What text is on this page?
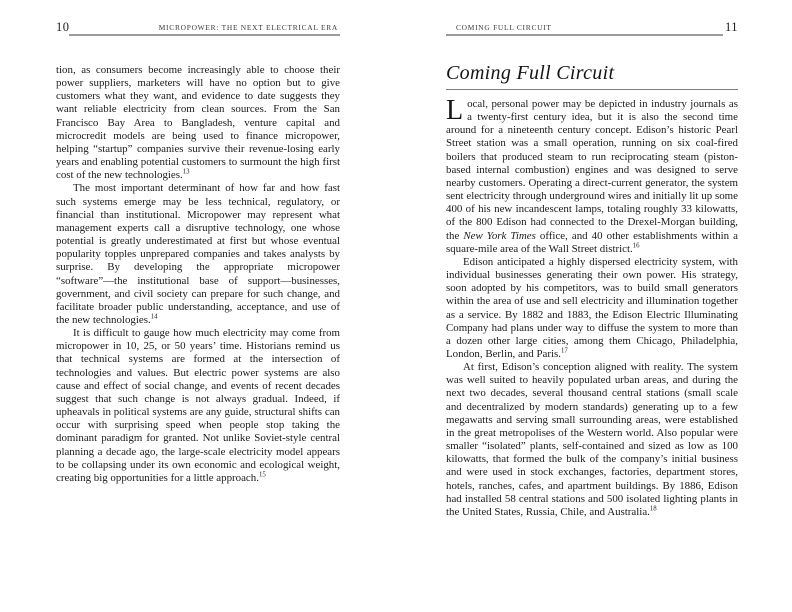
10	MICROPOWER: THE NEXT ELECTRICAL ERA

tion, as consumers become increasingly able to choose their power suppliers, marketers will have no option but to give customers what they want, and evidence to date suggests they want reliable electricity from clean sources. From the San Francisco Bay Area to Bangladesh, venture capital and microcredit models are being used to finance micropower, helping “startup” companies survive their revenue-losing early years and enabling potential customers to surmount the high first cost of the new technologies.$^{13}$

The most important determinant of how far and how fast such systems emerge may be less technical, regulatory, or financial than institutional. Micropower may represent what management experts call a disruptive technology, one whose potential is greatly underestimated at first but whose eventual popularity topples unprepared companies and takes analysts by surprise. By developing the appropriate micropower “software”—the institutional base of support—businesses, government, and civil society can prepare for such change, and facilitate broader public understanding, acceptance, and use of the new technologies.$^{14}$

It is difficult to gauge how much electricity may come from micropower in 10, 25, or 50 years’ time. Historians remind us that technical systems are formed at the intersection of technologies and values. But electric power systems are also cause and effect of social change, and events of recent decades suggest that such change is not always gradual. Indeed, if upheavals in political systems are any guide, structural shifts can occur with surprising speed when people stop taking the dominant paradigm for granted. Not unlike Soviet-style central planning a decade ago, the large-scale electricity model appears to be collapsing under its own economic and ecological weight, creating big opportunities for a little approach.$^{15}$

COMING FULL CIRCUIT	11
Coming Full Circuit

Local, personal power may be depicted in industry journals as a twenty-first century idea, but it is also the second time around for a nineteenth century concept. Edison’s historic Pearl Street station was a small operation, running on six coal-fired boilers that produced steam to run reciprocating steam (piston-based internal combustion) engines and was designed to serve nearby customers. Operating a direct-current generator, the system sent electricity through underground wires and initially lit up some 400 of his new incandescent lamps, totaling roughly 33 kilowatts, of the 800 Edison had connected to the Drexel-Morgan building, the New York Times office, and 40 other establishments within a square-mile area of the Wall Street district.$^{16}$

Edison anticipated a highly dispersed electricity system, with individual businesses generating their own power. His strategy, soon adopted by his competitors, was to build small generators within the area of use and sell electricity and illumination together as a service. By 1882 and 1883, the Edison Electric Illuminating Company had plans under way to diffuse the system to more than a dozen other large cities, among them Chicago, Philadelphia, London, Berlin, and Paris.$^{17}$

At first, Edison’s conception aligned with reality. The system was well suited to heavily populated urban areas, and during the next two decades, several thousand central stations (small scale and decentralized by modern standards) generating up to a few megawatts and serving small surrounding areas, were established in the great metropolises of the Western world. Also popular were smaller “isolated” plants, self-contained and sized as low as 100 kilowatts, that formed the bulk of the company’s initial business and were used in stock exchanges, factories, department stores, hotels, ranches, cafes, and apartment buildings. By 1886, Edison had installed 58 central stations and 500 isolated lighting plants in the United States, Russia, Chile, and Australia.$^{18}$
